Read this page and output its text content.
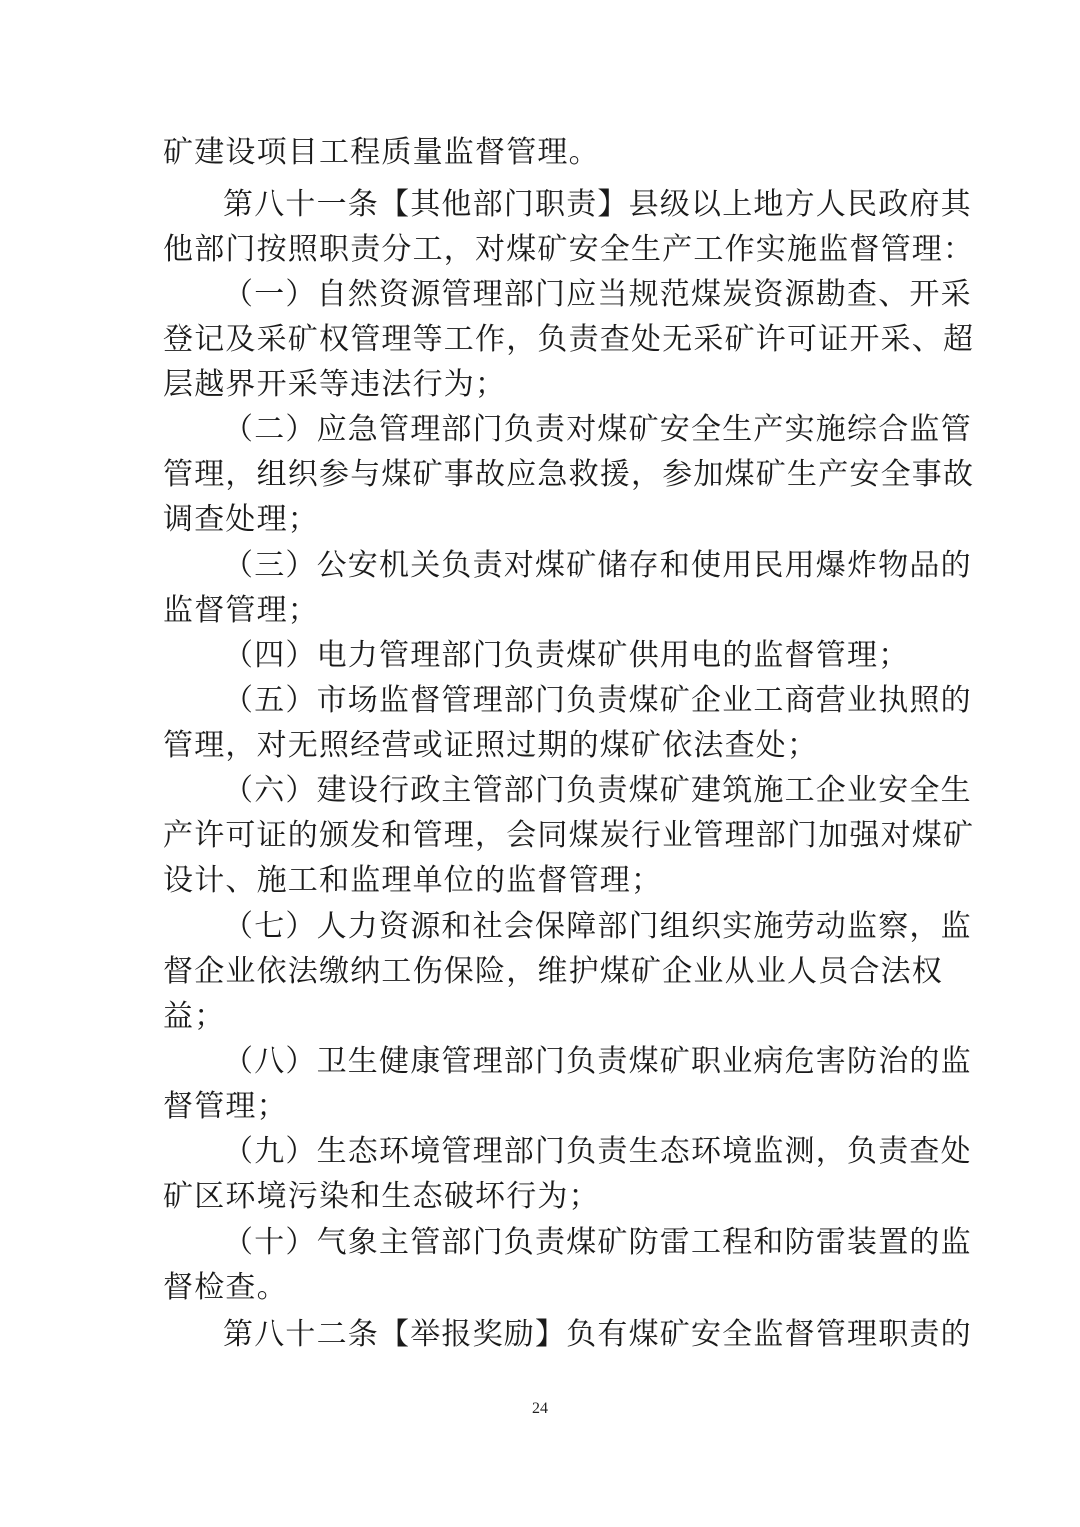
矿建设项目工程质量监督管理。
第八十一条【其他部门职责】县级以上地方人民政府其
他部门按照职责分工，对煤矿安全生产工作实施监督管理：
（一）自然资源管理部门应当规范煤炭资源勘查、开采
登记及采矿权管理等工作，负责查处无采矿许可证开采、超
层越界开采等违法行为；
（二）应急管理部门负责对煤矿安全生产实施综合监管
管理，组织参与煤矿事故应急救援，参加煤矿生产安全事故
调查处理；
（三）公安机关负责对煤矿储存和使用民用爆炸物品的
监督管理；
（四）电力管理部门负责煤矿供用电的监督管理；
（五）市场监督管理部门负责煤矿企业工商营业执照的
管理，对无照经营或证照过期的煤矿依法查处；
（六）建设行政主管部门负责煤矿建筑施工企业安全生
产许可证的颁发和管理，会同煤炭行业管理部门加强对煤矿
设计、施工和监理单位的监督管理；
（七）人力资源和社会保障部门组织实施劳动监察，监
督企业依法缴纳工伤保险，维护煤矿企业从业人员合法权
益；
（八）卫生健康管理部门负责煤矿职业病危害防治的监
督管理；
（九）生态环境管理部门负责生态环境监测，负责查处
矿区环境污染和生态破坏行为；
（十）气象主管部门负责煤矿防雷工程和防雷装置的监
督检查。
第八十二条【举报奖励】负有煤矿安全监督管理职责的
24
